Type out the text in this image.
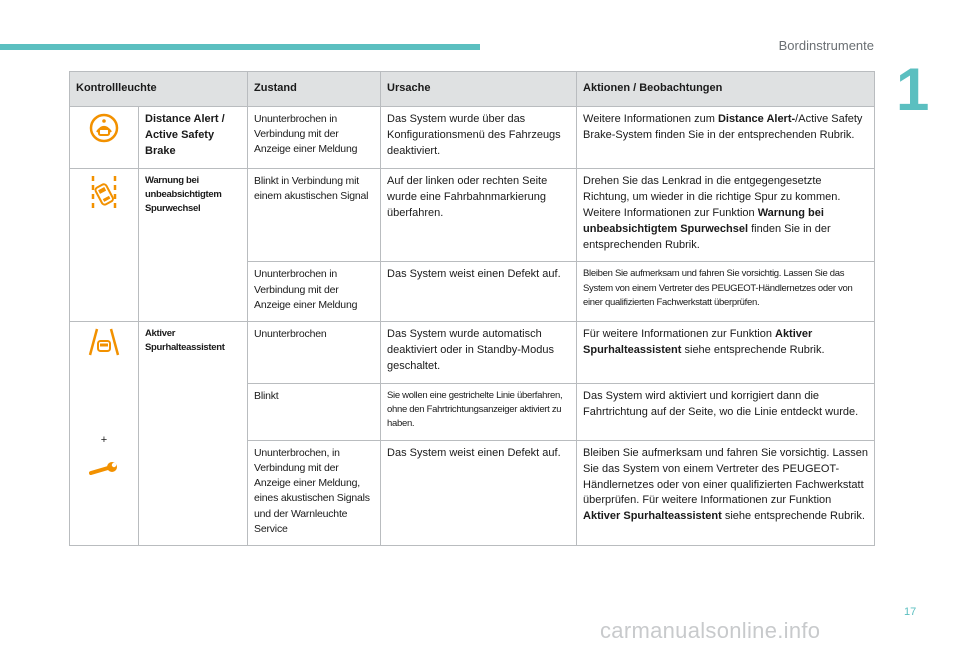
Bordinstrumente
1
Kontrollleuchte		Zustand	Ursache	Aktionen / Beobachtungen
	Distance Alert / Active Safety Brake	Ununterbrochen in Verbindung mit der Anzeige einer Meldung	Das System wurde über das Konfigurationsmenü des Fahrzeugs deaktiviert.	Weitere Informationen zum Distance Alert-/Active Safety Brake-System finden Sie in der entsprechenden Rubrik.
	Warnung bei unbeabsichtigtem Spurwechsel	Blinkt in Verbindung mit einem akustischen Signal	Auf der linken oder rechten Seite wurde eine Fahrbahnmarkierung überfahren.	Drehen Sie das Lenkrad in die entgegengesetzte Richtung, um wieder in die richtige Spur zu kommen. Weitere Informationen zur Funktion Warnung bei unbeabsichtigtem Spurwechsel finden Sie in der entsprechenden Rubrik.
		Ununterbrochen in Verbindung mit der Anzeige einer Meldung	Das System weist einen Defekt auf.	Bleiben Sie aufmerksam und fahren Sie vorsichtig. Lassen Sie das System von einem Vertreter des PEUGEOT-Händlernetzes oder von einer qualifizierten Fachwerkstatt überprüfen.

+	Aktiver Spurhalteassistent	Ununterbrochen	Das System wurde automatisch deaktiviert oder in Standby-Modus geschaltet.	Für weitere Informationen zur Funktion Aktiver Spurhalteassistent siehe entsprechende Rubrik.
		Blinkt	Sie wollen eine gestrichelte Linie überfahren, ohne den Fahrtrichtungsanzeiger aktiviert zu haben.	Das System wird aktiviert und korrigiert dann die Fahrtrichtung auf der Seite, wo die Linie entdeckt wurde.
		Ununterbrochen, in Verbindung mit der Anzeige einer Meldung, eines akustischen Signals und der Warnleuchte Service	Das System weist einen Defekt auf.	Bleiben Sie aufmerksam und fahren Sie vorsichtig. Lassen Sie das System von einem Vertreter des PEUGEOT-Händlernetzes oder von einer qualifizierten Fachwerkstatt überprüfen. Für weitere Informationen zur Funktion Aktiver Spurhalteassistent siehe entsprechende Rubrik.
17
carmanualsonline.info
